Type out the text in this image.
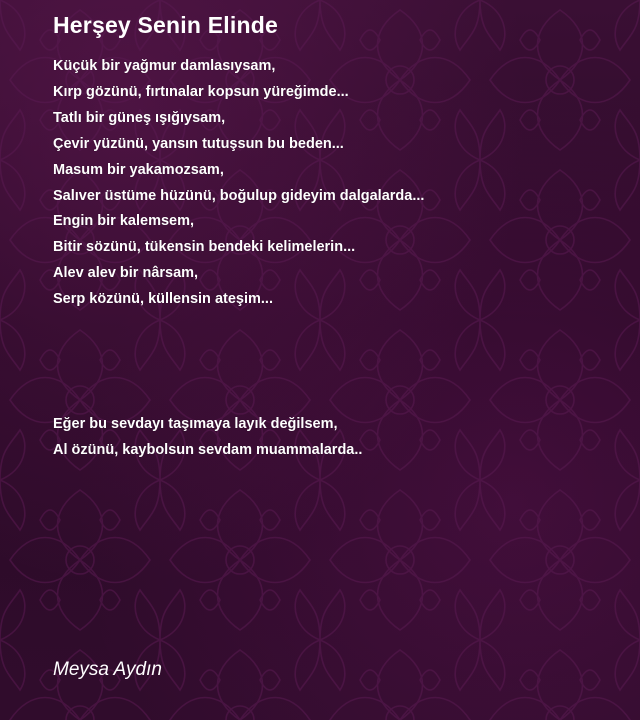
Herşey Senin Elinde
Küçük bir yağmur damlasıysam,
Kırp gözünü, fırtınalar kopsun yüreğimde...
Tatlı bir güneş ışığıysam,
Çevir yüzünü, yansın tutuşsun bu beden...
Masum bir yakamozsam,
Salıver üstüme hüzünü, boğulup gideyim dalgalarda...
Engin bir kalemsem,
Bitir sözünü, tükensin bendeki kelimelerin...
Alev alev bir nârsam,
Serp közünü, küllensin ateşim...
Eğer bu sevdayı taşımaya layık değilsem,
Al özünü, kaybolsun sevdam muammalarda..

Meysa Aydın
